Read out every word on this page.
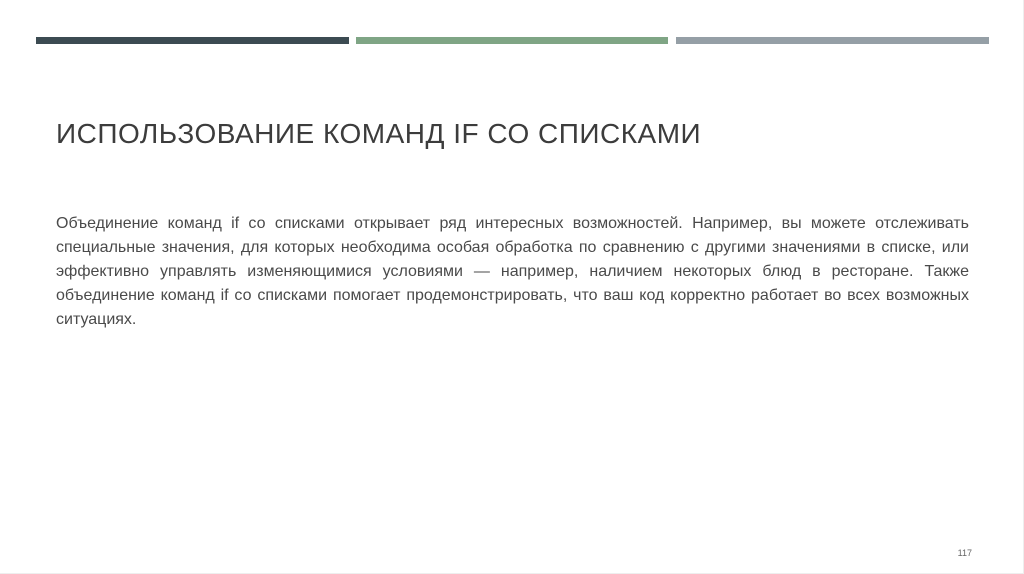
ИСПОЛЬЗОВАНИЕ КОМАНД IF СО СПИСКАМИ

Объединение команд if со списками открывает ряд интересных возможностей. Например, вы можете отслеживать специальные значения, для которых необходима особая обработка по сравнению с другими значениями в списке, или эффективно управлять изменяющимися условиями — например, наличием некоторых блюд в ресторане. Также объединение команд if со списками помогает продемонстрировать, что ваш код корректно работает во всех возможных ситуациях.

117
